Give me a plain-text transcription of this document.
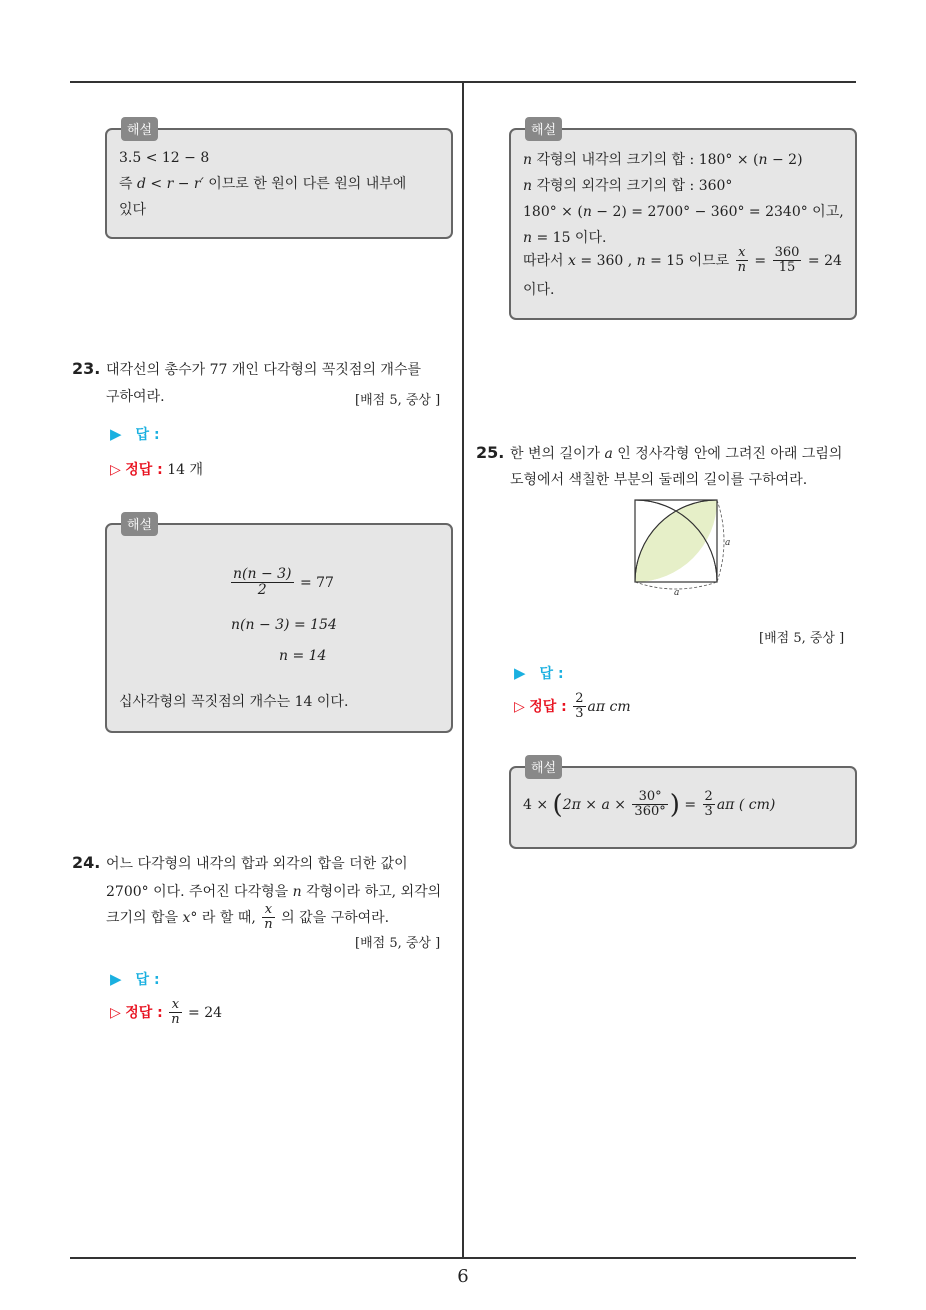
해설
3.5 < 12 − 8
즉 d < r − r′ 이므로 한 원이 다른 원의 내부에
있다
23. 대각선의 총수가 77 개인 다각형의 꼭짓점의 개수를
구하여라.	[배점 5, 중상 ]
▶ 답 :
▷ 정답 : 14 개
해설
$\frac{n(n - 3)}{2} = 77$
n(n − 3) = 154
n = 14
십사각형의 꼭짓점의 개수는 14 이다.
24. 어느 다각형의 내각의 합과 외각의 합을 더한 값이
2700° 이다. 주어진 다각형을 n 각형이라 하고, 외각의
크기의 합을 x° 라 할 때, $\frac{x}{n}$ 의 값을 구하여라.
[배점 5, 중상 ]
▶ 답 :
▷ 정답 : $\frac{x}{n} = 24$
해설
n 각형의 내각의 크기의 합 : 180° × (n − 2)
n 각형의 외각의 크기의 합 : 360°
180° × (n − 2) = 2700° − 360° = 2340° 이고,
n = 15 이다.
따라서 x = 360 , n = 15 이므로 $\frac{x}{n} = \frac{360}{15} = 24$
이다.
25. 한 변의 길이가 a 인 정사각형 안에 그려진 아래 그림의
도형에서 색칠한 부분의 둘레의 길이를 구하여라.
a
a
[배점 5, 중상 ]
▶ 답 :
▷ 정답 : $\frac{2}{3}$ aπ cm
해설
$4 \times (2\pi \times a \times \frac{30^\circ}{360^\circ}$ ) = $\frac{2}{3}$ aπ ( cm)
6
